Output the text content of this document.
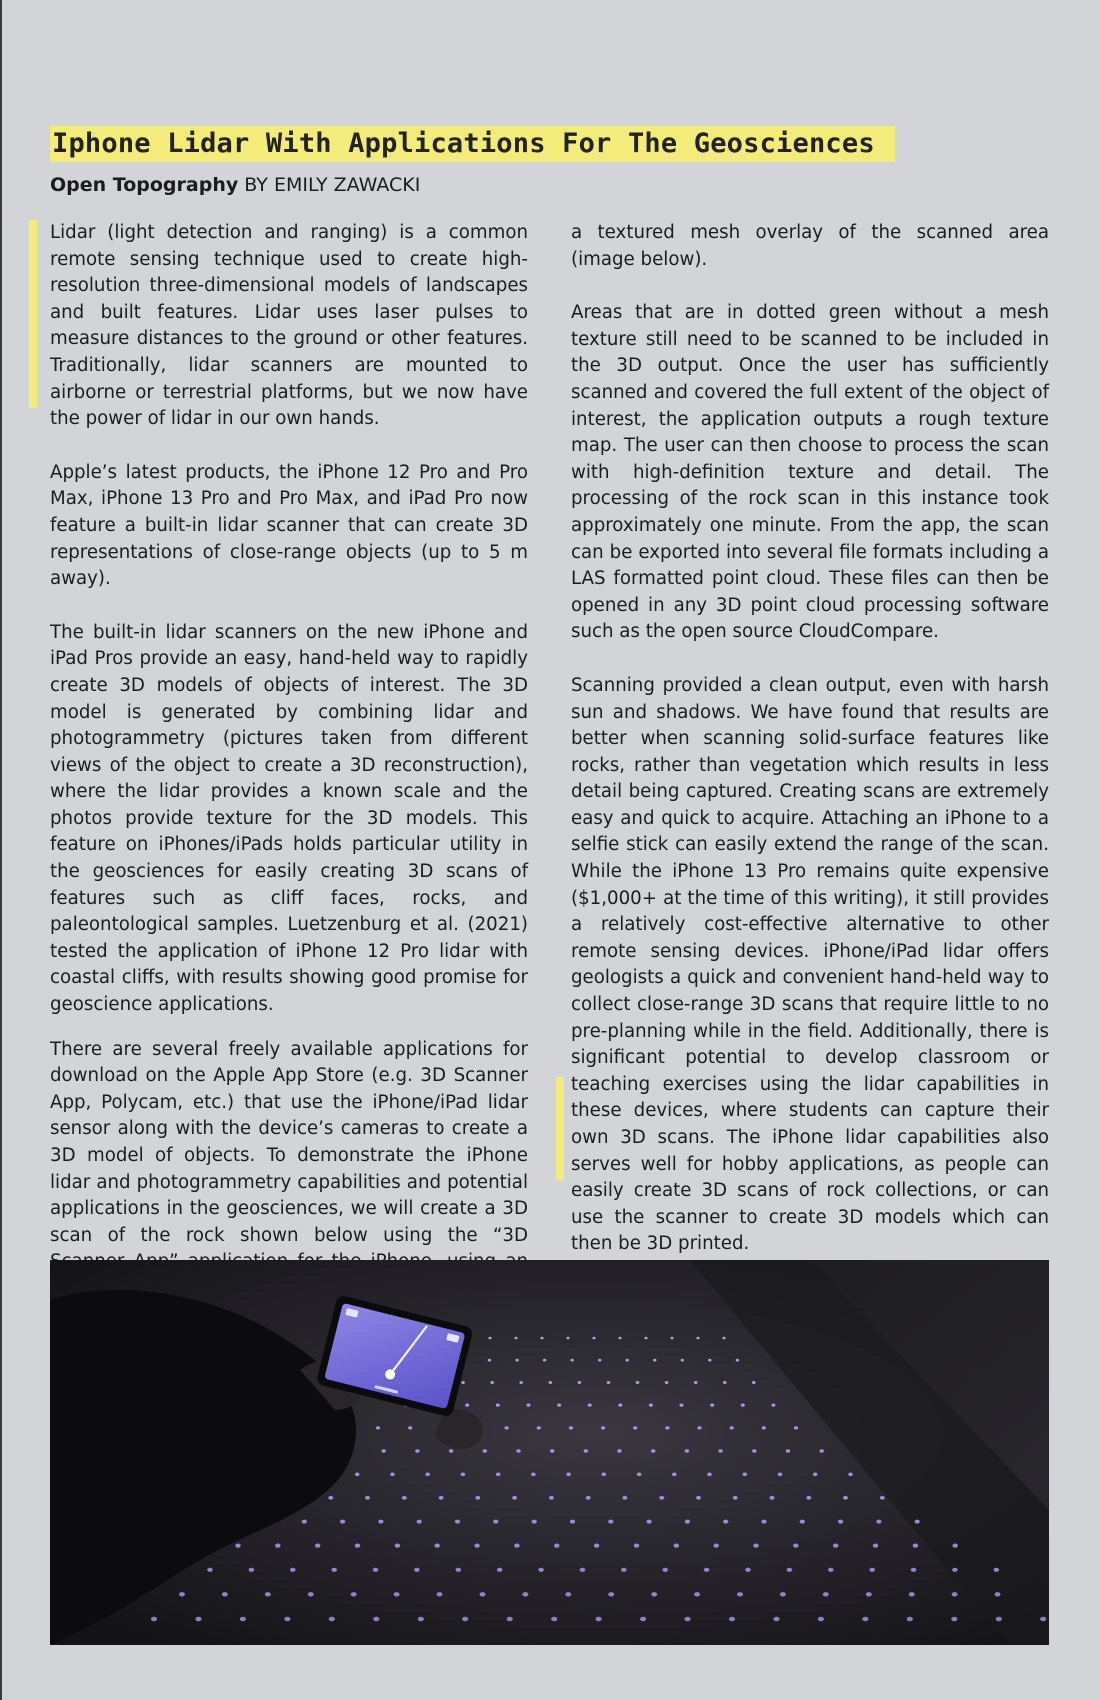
Iphone Lidar With Applications For The Geosciences
Open Topography BY EMILY ZAWACKI

Lidar (light detection and ranging) is a common remote sensing technique used to create high-resolution three-dimensional models of landscapes and built features. Lidar uses laser pulses to measure distances to the ground or other features. Traditionally, lidar scanners are mounted to airborne or terrestrial platforms, but we now have the power of lidar in our own hands.

Apple’s latest products, the iPhone 12 Pro and Pro Max, iPhone 13 Pro and Pro Max, and iPad Pro now feature a built-in lidar scanner that can create 3D representations of close-range objects (up to 5 m away).

The built-in lidar scanners on the new iPhone and iPad Pros provide an easy, hand-held way to rapidly create 3D models of objects of interest. The 3D model is generated by combining lidar and photogrammetry (pictures taken from different views of the object to create a 3D reconstruction), where the lidar provides a known scale and the photos provide texture for the 3D models. This feature on iPhones/iPads holds particular utility in the geosciences for easily creating 3D scans of features such as cliff faces, rocks, and paleontological samples. Luetzenburg et al. (2021) tested the application of iPhone 12 Pro lidar with coastal cliffs, with results showing good promise for geoscience applications.

There are several freely available applications for download on the Apple App Store (e.g. 3D Scanner App, Polycam, etc.) that use the iPhone/iPad lidar sensor along with the device’s cameras to create a 3D model of objects. To demonstrate the iPhone lidar and photogrammetry capabilities and potential applications in the geosciences, we will create a 3D scan of the rock shown below using the “3D

a textured mesh overlay of the scanned area (image below).

Areas that are in dotted green without a mesh texture still need to be scanned to be included in the 3D output. Once the user has sufficiently scanned and covered the full extent of the object of interest, the application outputs a rough texture map. The user can then choose to process the scan with high-definition texture and detail. The processing of the rock scan in this instance took approximately one minute. From the app, the scan can be exported into several file formats including a LAS formatted point cloud. These files can then be opened in any 3D point cloud processing software such as the open source CloudCompare.

Scanning provided a clean output, even with harsh sun and shadows. We have found that results are better when scanning solid-surface features like rocks, rather than vegetation which results in less detail being captured. Creating scans are extremely easy and quick to acquire. Attaching an iPhone to a selfie stick can easily extend the range of the scan. While the iPhone 13 Pro remains quite expensive ($1,000+ at the time of this writing), it still provides a relatively cost-effective alternative to other remote sensing devices. iPhone/iPad lidar offers geologists a quick and convenient hand-held way to collect close-range 3D scans that require little to no pre-planning while in the field. Additionally, there is significant potential to develop classroom or teaching exercises using the lidar capabilities in these devices, where students can capture their own 3D scans. The iPhone lidar capabilities also serves well for hobby applications, as people can easily create 3D scans of rock collections, or can use the scanner to create 3D models which can then be 3D printed.
